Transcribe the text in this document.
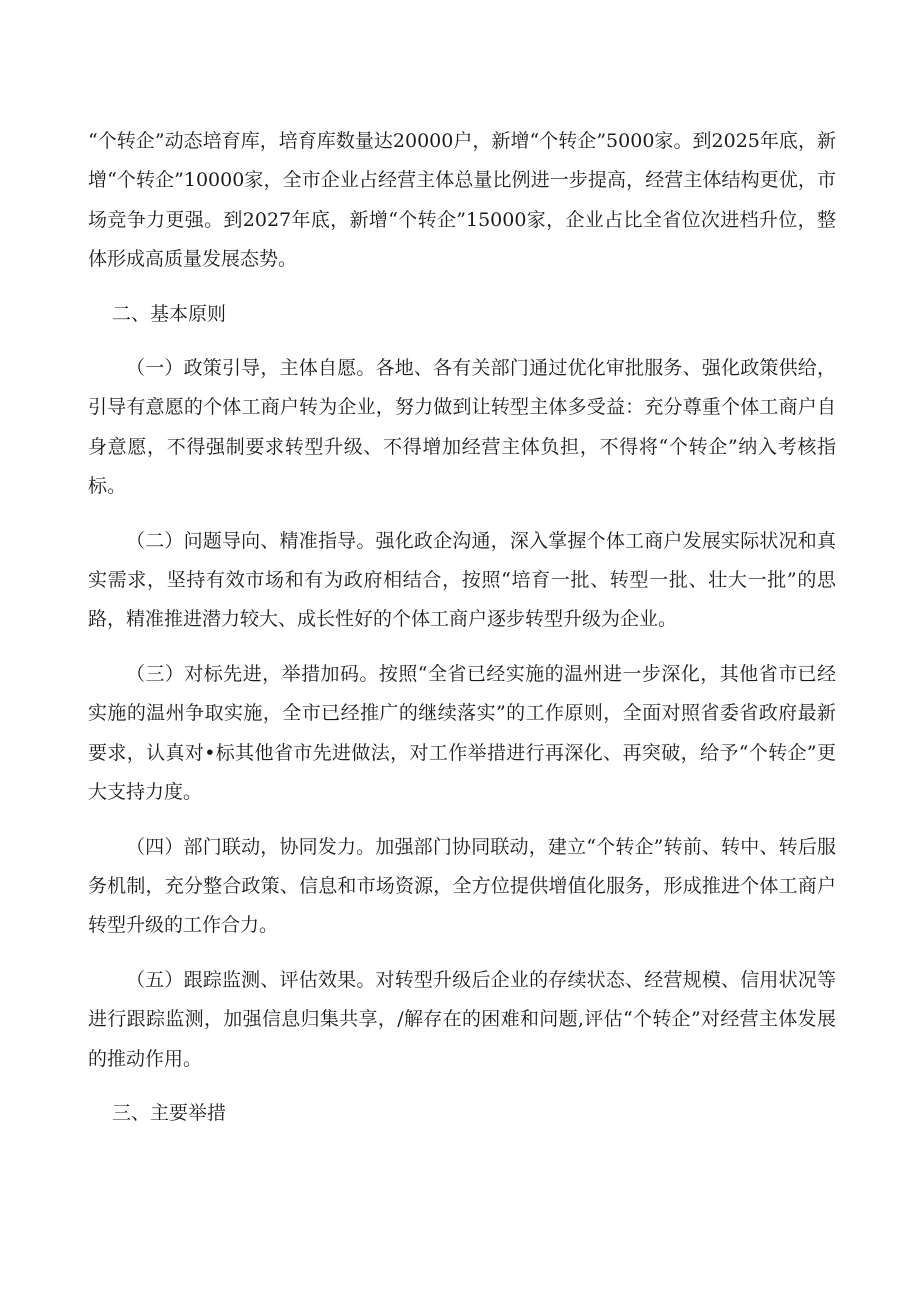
“个转企”动态培育库，培育库数量达20000户，新增“个转企”5000家。到2025年底，新增“个转企”10000家，全市企业占经营主体总量比例进一步提高，经营主体结构更优，市场竞争力更强。到2027年底，新增“个转企”15000家，企业占比全省位次进档升位，整体形成高质量发展态势。

二、基本原则

（一）政策引导，主体自愿。各地、各有关部门通过优化审批服务、强化政策供给，引导有意愿的个体工商户转为企业，努力做到让转型主体多受益：充分尊重个体工商户自身意愿，不得强制要求转型升级、不得增加经营主体负担，不得将“个转企”纳入考核指标。

（二）问题导向、精准指导。强化政企沟通，深入掌握个体工商户发展实际状况和真实需求，坚持有效市场和有为政府相结合，按照“培育一批、转型一批、壮大一批”的思路，精准推进潜力较大、成长性好的个体工商户逐步转型升级为企业。

（三）对标先进，举措加码。按照“全省已经实施的温州进一步深化，其他省市已经实施的温州争取实施，全市已经推广的继续落实”的工作原则，全面对照省委省政府最新要求，认真对•标其他省市先进做法，对工作举措进行再深化、再突破，给予“个转企”更大支持力度。

（四）部门联动，协同发力。加强部门协同联动，建立“个转企”转前、转中、转后服务机制，充分整合政策、信息和市场资源，全方位提供增值化服务，形成推进个体工商户转型升级的工作合力。

（五）跟踪监测、评估效果。对转型升级后企业的存续状态、经营规模、信用状况等进行跟踪监测，加强信息归集共享，/解存在的困难和问题,评估“个转企”对经营主体发展的推动作用。

三、主要举措
